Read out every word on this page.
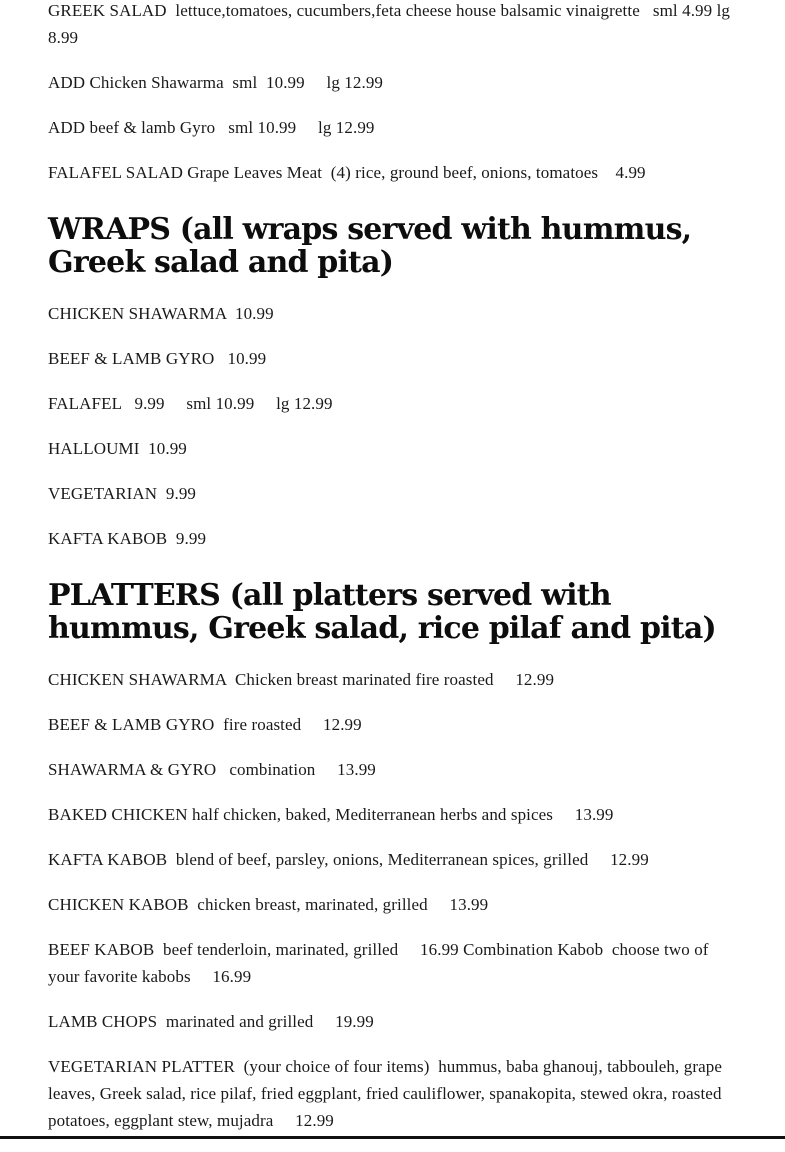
GREEK SALAD  lettuce,tomatoes, cucumbers,feta cheese house balsamic vinaigrette   sml 4.99 lg 8.99

ADD Chicken Shawarma  sml  10.99     lg 12.99

ADD beef & lamb Gyro   sml 10.99     lg 12.99

FALAFEL SALAD Grape Leaves Meat  (4) rice, ground beef, onions, tomatoes    4.99

WRAPS (all wraps served with hummus, Greek salad and pita)

CHICKEN SHAWARMA  10.99

BEEF & LAMB GYRO   10.99

FALAFEL   9.99     sml 10.99     lg 12.99

HALLOUMI  10.99

VEGETARIAN  9.99

KAFTA KABOB  9.99

PLATTERS (all platters served with hummus, Greek salad, rice pilaf and pita)

CHICKEN SHAWARMA  Chicken breast marinated fire roasted     12.99

BEEF & LAMB GYRO  fire roasted     12.99

SHAWARMA & GYRO   combination     13.99

BAKED CHICKEN half chicken, baked, Mediterranean herbs and spices     13.99

KAFTA KABOB  blend of beef, parsley, onions, Mediterranean spices, grilled     12.99

CHICKEN KABOB  chicken breast, marinated, grilled     13.99

BEEF KABOB  beef tenderloin, marinated, grilled     16.99 Combination Kabob  choose two of your favorite kabobs     16.99

LAMB CHOPS  marinated and grilled     19.99

VEGETARIAN PLATTER  (your choice of four items)  hummus, baba ghanouj, tabbouleh, grape leaves, Greek salad, rice pilaf, fried eggplant, fried cauliflower, spanakopita, stewed okra, roasted potatoes, eggplant stew, mujadra     12.99
